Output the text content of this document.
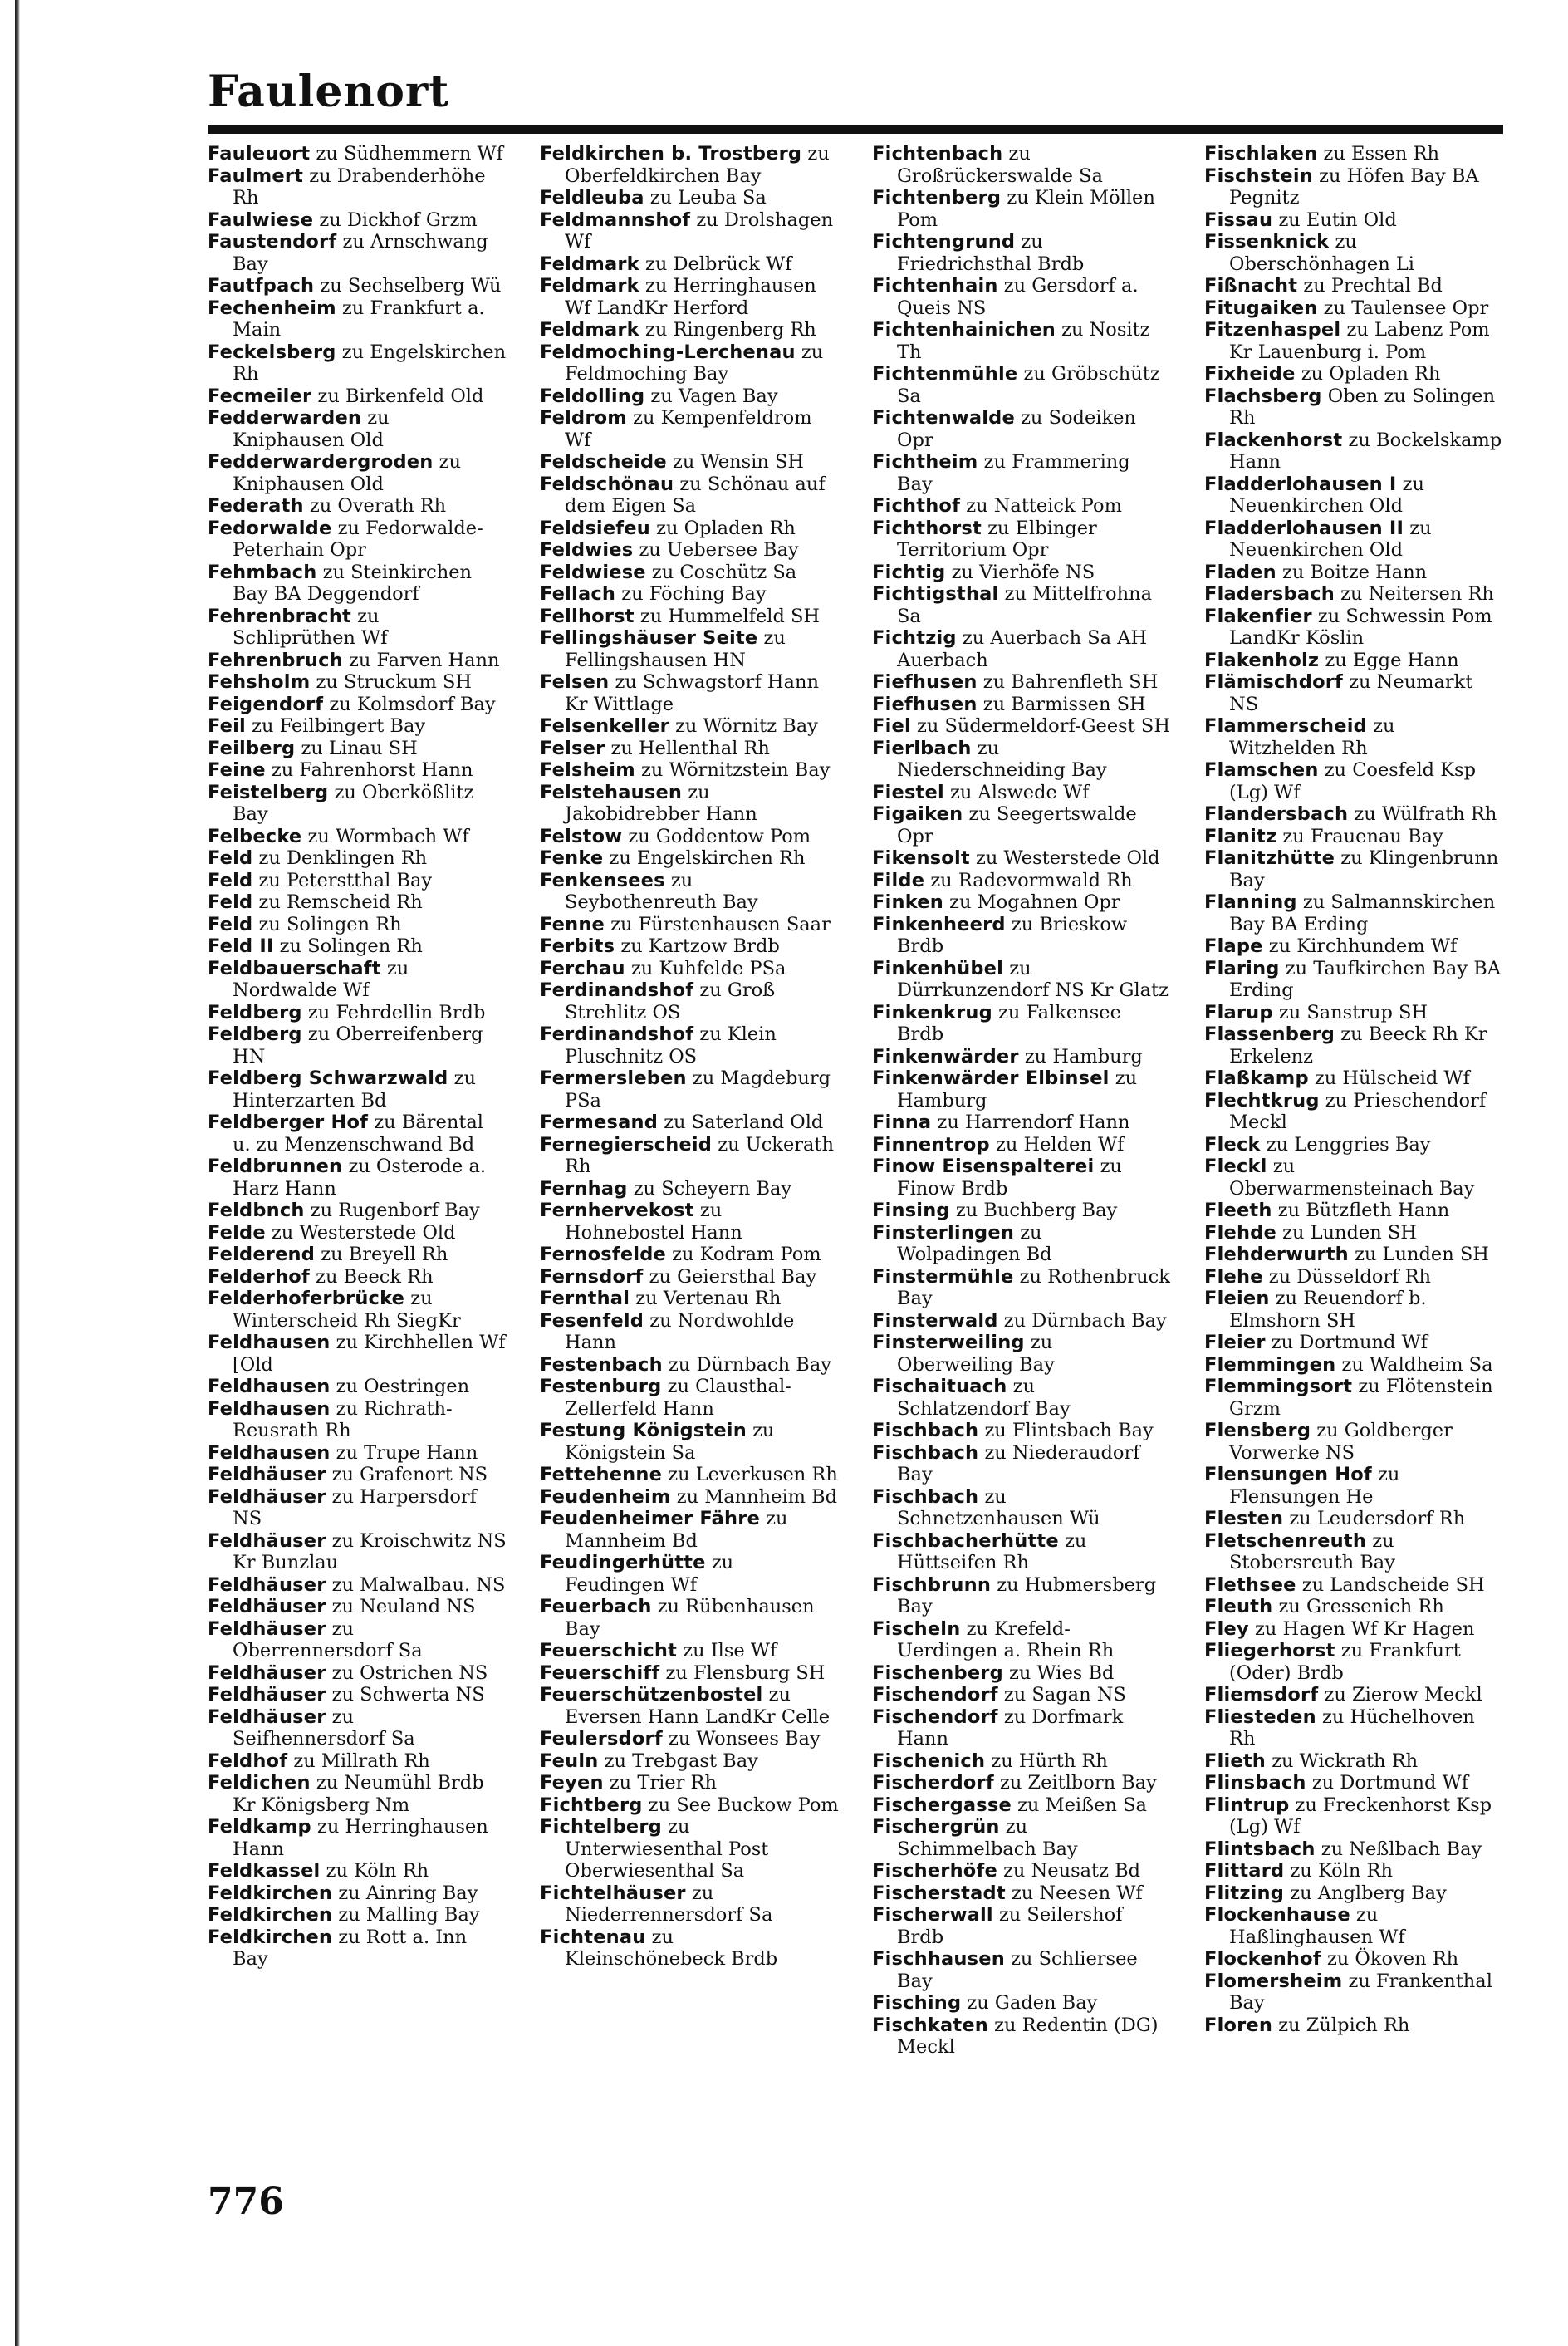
Faulenort
Fauleuort zu Südhemmern Wf
Faulmert zu Drabenderhöhe Rh
Faulwiese zu Dickhof Grzm
Faustendorf zu Arnschwang Bay
Fautfpach zu Sechselberg Wü
Fechenheim zu Frankfurt a. Main
Feckelsberg zu Engelskirchen Rh
Fecmeiler zu Birkenfeld Old
Fedderwarden zu Kniphausen Old
Fedderwardergroden zu Kniphausen Old
Federath zu Overath Rh
Fedorwalde zu Fedorwalde-Peterhain Opr
Fehmbach zu Steinkirchen Bay BA Deggendorf
Fehrenbracht zu Schliprüthen Wf
Fehrenbruch zu Farven Hann
Fehsholm zu Struckum SH
Feigendorf zu Kolmsdorf Bay
Feil zu Feilbingert Bay
Feilberg zu Linau SH
Feine zu Fahrenhorst Hann
Feistelberg zu Oberkößlitz Bay
Felbecke zu Wormbach Wf
Feld zu Denklingen Rh
Feld zu Peterstthal Bay
Feld zu Remscheid Rh
Feld zu Solingen Rh
Feld II zu Solingen Rh
Feldbauerschaft zu Nordwalde Wf
Feldberg zu Fehrdellin Brdb
Feldberg zu Oberreifenberg HN
Feldberg Schwarzwald zu Hinterzarten Bd
Feldberger Hof zu Bärental u. zu Menzenschwand Bd
Feldbrunnen zu Osterode a. Harz Hann
Feldbnch zu Rugenborf Bay
Felde zu Westerstede Old
Felderend zu Breyell Rh
Felderhof zu Beeck Rh
Felderhoferbrücke zu Winterscheid Rh SiegKr
Feldhausen zu Kirchhellen Wf [Old
Feldhausen zu Oestringen
Feldhausen zu Richrath-Reusrath Rh
Feldhausen zu Trupe Hann
Feldhäuser zu Grafenort NS
Feldhäuser zu Harpersdorf NS
Feldhäuser zu Kroischwitz NS Kr Bunzlau
Feldhäuser zu Malwalbau. NS
Feldhäuser zu Neuland NS
Feldhäuser zu Oberrennersdorf Sa
Feldhäuser zu Ostrichen NS
Feldhäuser zu Schwerta NS
Feldhäuser zu Seifhennersdorf Sa
Feldhof zu Millrath Rh
Feldichen zu Neumühl Brdb Kr Königsberg Nm
Feldkamp zu Herringhausen Hann
Feldkassel zu Köln Rh
Feldkirchen zu Ainring Bay
Feldkirchen zu Malling Bay
Feldkirchen zu Rott a. Inn Bay
Feldkirchen b. Trostberg zu Oberfeldkirchen Bay
Feldleuba zu Leuba Sa
Feldmannshof zu Drolshagen Wf
Feldmark zu Delbrück Wf
Feldmark zu Herringhausen Wf LandKr Herford
Feldmark zu Ringenberg Rh
Feldmoching-Lerchenau zu Feldmoching Bay
Feldolling zu Vagen Bay
Feldrom zu Kempenfeldrom Wf
Feldscheide zu Wensin SH
Feldschönau zu Schönau auf dem Eigen Sa
Feldsiefeu zu Opladen Rh
Feldwies zu Uebersee Bay
Feldwiese zu Coschütz Sa
Fellach zu Föching Bay
Fellhorst zu Hummelfeld SH
Fellingshäuser Seite zu Fellingshausen HN
Felsen zu Schwagstorf Hann Kr Wittlage
Felsenkeller zu Wörnitz Bay
Felser zu Hellenthal Rh
Felsheim zu Wörnitzstein Bay
Felstehausen zu Jakobidrebber Hann
Felstow zu Goddentow Pom
Fenke zu Engelskirchen Rh
Fenkensees zu Seybothenreuth Bay
Fenne zu Fürstenhausen Saar
Ferbits zu Kartzow Brdb
Ferchau zu Kuhfelde PSa
Ferdinandshof zu Groß Strehlitz OS
Ferdinandshof zu Klein Pluschnitz OS
Fermersleben zu Magdeburg PSa
Fermesand zu Saterland Old
Fernegierscheid zu Uckerath Rh
Fernhag zu Scheyern Bay
Fernhervekost zu Hohnebostel Hann
Fernosfelde zu Kodram Pom
Fernsdorf zu Geiersthal Bay
Fernthal zu Vertenau Rh
Fesenfeld zu Nordwohlde Hann
Festenbach zu Dürnbach Bay
Festenburg zu Clausthal-Zellerfeld Hann
Festung Königstein zu Königstein Sa
Fettehenne zu Leverkusen Rh
Feudenheim zu Mannheim Bd
Feudenheimer Fähre zu Mannheim Bd
Feudingerhütte zu Feudingen Wf
Feuerbach zu Rübenhausen Bay
Feuerschicht zu Ilse Wf
Feuerschiff zu Flensburg SH
Feuerschützenbostel zu Eversen Hann LandKr Celle
Feulersdorf zu Wonsees Bay
Feuln zu Trebgast Bay
Feyen zu Trier Rh
Fichtberg zu See Buckow Pom
Fichtelberg zu Unterwiesenthal Post Oberwiesenthal Sa
Fichtelhäuser zu Niederrennersdorf Sa
Fichtenau zu Kleinschönebeck Brdb
Fichtenbach zu Großrückerswalde Sa
Fichtenberg zu Klein Möllen Pom
Fichtengrund zu Friedrichsthal Brdb
Fichtenhain zu Gersdorf a. Queis NS
Fichtenhainichen zu Nositz Th
Fichtenmühle zu Gröbschütz Sa
Fichtenwalde zu Sodeiken Opr
Fichtheim zu Frammering Bay
Fichthof zu Natteick Pom
Fichthorst zu Elbinger Territorium Opr
Fichtig zu Vierhöfe NS
Fichtigsthal zu Mittelfrohna Sa
Fichtzig zu Auerbach Sa AH Auerbach
Fiefhusen zu Bahrenfleth SH
Fiefhusen zu Barmissen SH
Fiel zu Südermeldorf-Geest SH
Fierlbach zu Niederschneiding Bay
Fiestel zu Alswede Wf
Figaiken zu Seegertswalde Opr
Fikensolt zu Westerstede Old
Filde zu Radevormwald Rh
Finken zu Mogahnen Opr
Finkenheerd zu Brieskow Brdb
Finkenhübel zu Dürrkunzendorf NS Kr Glatz
Finkenkrug zu Falkensee Brdb
Finkenwärder zu Hamburg
Finkenwärder Elbinsel zu Hamburg
Finna zu Harrendorf Hann
Finnentrop zu Helden Wf
Finow Eisenspalterei zu Finow Brdb
Finsing zu Buchberg Bay
Finsterlingen zu Wolpadingen Bd
Finstermühle zu Rothenbruck Bay
Finsterwald zu Dürnbach Bay
Finsterweiling zu Oberweiling Bay
Fischaituach zu Schlatzendorf Bay
Fischbach zu Flintsbach Bay
Fischbach zu Niederaudorf Bay
Fischbach zu Schnetzenhausen Wü
Fischbacherhütte zu Hüttseifen Rh
Fischbrunn zu Hubmersberg Bay
Fischeln zu Krefeld-Uerdingen a. Rhein Rh
Fischenberg zu Wies Bd
Fischendorf zu Sagan NS
Fischendorf zu Dorfmark Hann
Fischenich zu Hürth Rh
Fischerdorf zu Zeitlborn Bay
Fischergasse zu Meißen Sa
Fischergrün zu Schimmelbach Bay
Fischerhöfe zu Neusatz Bd
Fischerstadt zu Neesen Wf
Fischerwall zu Seilershof Brdb
Fischhausen zu Schliersee Bay
Fisching zu Gaden Bay
Fischkaten zu Redentin (DG) Meckl
Fischlaken zu Essen Rh
Fischstein zu Höfen Bay BA Pegnitz
Fissau zu Eutin Old
Fissenknick zu Oberschönhagen Li
Fißnacht zu Prechtal Bd
Fitugaiken zu Taulensee Opr
Fitzenhaspel zu Labenz Pom Kr Lauenburg i. Pom
Fixheide zu Opladen Rh
Flachsberg Oben zu Solingen Rh
Flackenhorst zu Bockelskamp Hann
Fladderlohausen I zu Neuenkirchen Old
Fladderlohausen II zu Neuenkirchen Old
Fladen zu Boitze Hann
Fladersbach zu Neitersen Rh
Flakenfier zu Schwessin Pom LandKr Köslin
Flakenholz zu Egge Hann
Flämischdorf zu Neumarkt NS
Flammerscheid zu Witzhelden Rh
Flamschen zu Coesfeld Ksp (Lg) Wf
Flandersbach zu Wülfrath Rh
Flanitz zu Frauenau Bay
Flanitzhütte zu Klingenbrunn Bay
Flanning zu Salmannskirchen Bay BA Erding
Flape zu Kirchhundem Wf
Flaring zu Taufkirchen Bay BA Erding
Flarup zu Sanstrup SH
Flassenberg zu Beeck Rh Kr Erkelenz
Flaßkamp zu Hülscheid Wf
Flechtkrug zu Prieschendorf Meckl
Fleck zu Lenggries Bay
Fleckl zu Oberwarmensteinach Bay
Fleeth zu Bützfleth Hann
Flehde zu Lunden SH
Flehderwurth zu Lunden SH
Flehe zu Düsseldorf Rh
Fleien zu Reuendorf b. Elmshorn SH
Fleier zu Dortmund Wf
Flemmingen zu Waldheim Sa
Flemmingsort zu Flötenstein Grzm
Flensberg zu Goldberger Vorwerke NS
Flensungen Hof zu Flensungen He
Flesten zu Leudersdorf Rh
Fletschenreuth zu Stobersreuth Bay
Flethsee zu Landscheide SH
Fleuth zu Gressenich Rh
Fley zu Hagen Wf Kr Hagen
Fliegerhorst zu Frankfurt (Oder) Brdb
Fliemsdorf zu Zierow Meckl
Fliesteden zu Hüchelhoven Rh
Flieth zu Wickrath Rh
Flinsbach zu Dortmund Wf
Flintrup zu Freckenhorst Ksp (Lg) Wf
Flintsbach zu Neßlbach Bay
Flittard zu Köln Rh
Flitzing zu Anglberg Bay
Flockenhause zu Haßlinghausen Wf
Flockenhof zu Ökoven Rh
Flomersheim zu Frankenthal Bay
Floren zu Zülpich Rh
776
